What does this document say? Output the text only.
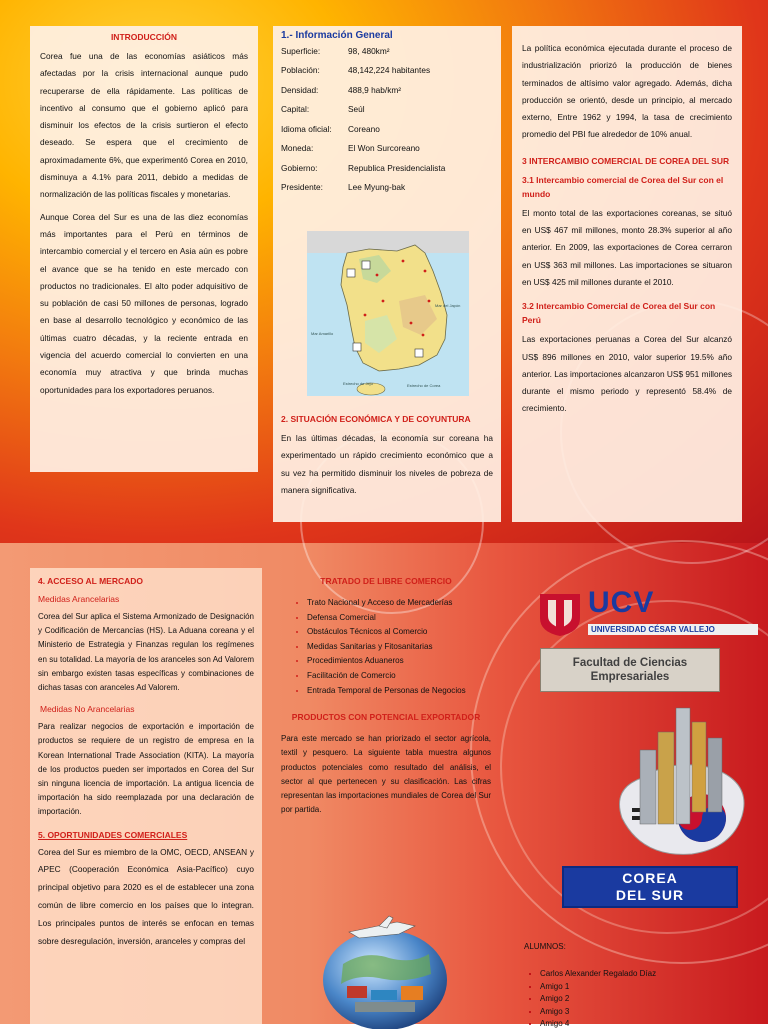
INTRODUCCIÓN

Corea fue una de las economías asiáticos más afectadas por la crisis internacional aunque pudo recuperarse de ella rápidamente. Las políticas de incentivo al consumo que el gobierno aplicó para disminuir los efectos de la crisis surtieron el efecto deseado. Se espera que el crecimiento de aproximadamente 6%, que experimentó Corea en 2010, disminuya a 4.1% para 2011, debido a medidas de normalización de las políticas fiscales y monetarias.

Aunque Corea del Sur es una de las diez economías más importantes para el Perú en términos de intercambio comercial y el tercero en Asia aún es pobre el avance que se ha tenido en este mercado con productos no tradicionales. El alto poder adquisitivo de su población de casi 50 millones de personas, logrado en base al desarrollo tecnológico y económico de las últimas cuatro décadas, y la reciente entrada en vigencia del acuerdo comercial lo convierten en una economía muy atractiva y que brinda muchas oportunidades para los exportadores peruanos.

1.- Información General
Superficie:	98, 480km²
Población:	48,142,224 habitantes
Densidad:	488,9 hab/km²
Capital:	Seúl
Idioma oficial:	Coreano
Moneda:	El Won Surcoreano
Gobierno:	Republica Presidencialista
Presidente:	Lee Myung-bak
Mar del Japón
Mar Amarillo
Estrecho de Corea
Estrecho de Jeju
2. SITUACIÓN ECONÓMICA Y DE COYUNTURA

En las últimas décadas, la economía sur coreana ha experimentado un rápido crecimiento económico que a su vez ha permitido disminuir los niveles de pobreza de manera significativa.

La política económica ejecutada durante el proceso de industrialización priorizó la producción de bienes terminados de altísimo valor agregado. Además, dicha producción se orientó, desde un principio, al mercado externo, Entre 1962 y 1994, la tasa de crecimiento promedio del PBI fue alrededor de 10% anual.

3 INTERCAMBIO COMERCIAL DE COREA DEL SUR
3.1 Intercambio comercial de Corea del Sur con el mundo

El monto total de las exportaciones coreanas, se situó en US$ 467 mil millones, monto 28.3% superior al año anterior. En 2009, las exportaciones de Corea cerraron en US$ 363 mil millones. Las importaciones se situaron en US$ 425 mil millones durante el 2010.

3.2 Intercambio Comercial de Corea del Sur con Perú

Las exportaciones peruanas a Corea del Sur alcanzó US$ 896 millones en 2010, valor superior 19.5% año anterior. Las importaciones alcanzaron US$ 951 millones durante el mismo periodo y representó 58.4% de crecimiento.

4. ACCESO AL MERCADO
Medidas Arancelarias

Corea del Sur aplica el Sistema Armonizado de Designación y Codificación de Mercancías (HS). La Aduana coreana y el Ministerio de Estrategia y Finanzas regulan los regímenes en su totalidad. La mayoría de los aranceles son Ad Valorem sin embargo existen tasas específicas y combinaciones de dichas tasas con aranceles Ad Valorem.

Medidas No Arancelarias

Para realizar negocios de exportación e importación de productos se requiere de un registro de empresa en la Korean International Trade Association (KITA). La mayoría de los productos pueden ser importados en Corea del Sur sin ninguna licencia de importación. La antigua licencia de importación ha sido reemplazada por una declaración de importación.

5. OPORTUNIDADES COMERCIALES

Corea del Sur es miembro de la OMC, OECD, ANSEAN y APEC (Cooperación Económica Asia-Pacífico) cuyo principal objetivo para 2020 es el de establecer una zona común de libre comercio en los países que lo integran. Los principales puntos de interés se enfocan en temas sobre desregulación, inversión, aranceles y compras del

TRATADO DE LIBRE COMERCIO
• Trato Nacional y Acceso de Mercaderías
• Defensa Comercial
• Obstáculos Técnicos al Comercio
• Medidas Sanitarias y Fitosanitarias
• Procedimientos Aduaneros
• Facilitación de Comercio
• Entrada Temporal de Personas de Negocios
PRODUCTOS CON POTENCIAL EXPORTADOR

Para este mercado se han priorizado el sector agrícola, textil y pesquero. La siguiente tabla muestra algunos productos potenciales como resultado del análisis, el sector al que pertenecen y su clasificación. Las cifras representan las importaciones mundiales de Corea del Sur por partida.

UCV
UNIVERSIDAD CÉSAR VALLEJO
Facultad de Ciencias Empresariales
COREA
DEL SUR
ALUMNOS:
• Carlos Alexander Regalado Díaz
• Amigo 1
• Amigo 2
• Amigo 3
• Amigo 4
